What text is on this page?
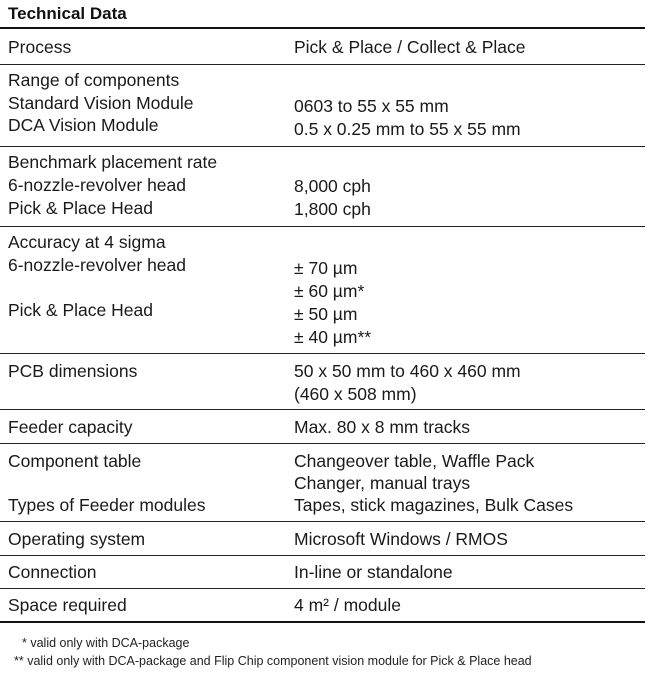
Technical Data
Process	Pick & Place / Collect & Place
Range of components
Standard Vision Module	0603 to 55 x 55 mm
DCA Vision Module	0.5 x 0.25 mm to 55 x 55 mm
Benchmark placement rate
6-nozzle-revolver head	8,000 cph
Pick & Place Head	1,800 cph
Accuracy at 4 sigma
6-nozzle-revolver head	± 70 µm
± 60 µm*
Pick & Place Head	± 50 µm
± 40 µm**
PCB dimensions	50 x 50 mm to 460 x 460 mm
(460 x 508 mm)
Feeder capacity	Max. 80 x 8 mm tracks
Component table	Changeover table, Waffle Pack
Changer, manual trays
Types of Feeder modules	Tapes, stick magazines, Bulk Cases
Operating system	Microsoft Windows / RMOS
Connection	In-line or standalone
Space required	4 m² / module
* valid only with DCA-package
** valid only with DCA-package and Flip Chip component vision module for Pick & Place head
